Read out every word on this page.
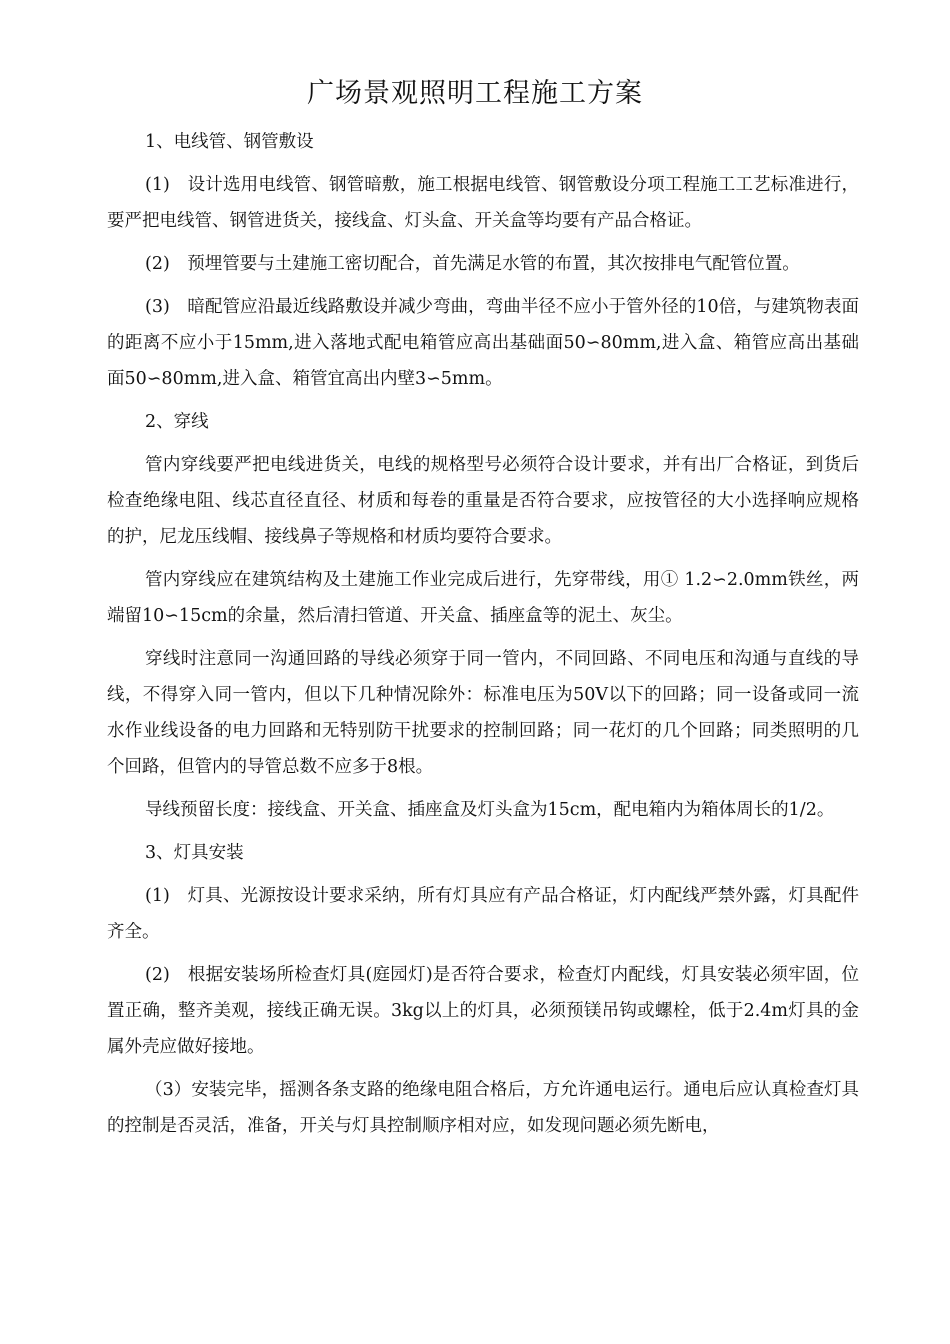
广场景观照明工程施工方案

1、电线管、钢管敷设

(1)　设计选用电线管、钢管暗敷，施工根据电线管、钢管敷设分项工程施工工艺标准进行，要严把电线管、钢管进货关，接线盒、灯头盒、开关盒等均要有产品合格证。

(2)　预埋管要与土建施工密切配合，首先满足水管的布置，其次按排电气配管位置。

(3)　暗配管应沿最近线路敷设并减少弯曲，弯曲半径不应小于管外径的10倍，与建筑物表面的距离不应小于15mm,进入落地式配电箱管应高出基础面50∽80mm,进入盒、箱管应高出基础面50∽80mm,进入盒、箱管宜高出内壁3∽5mm。

2、穿线

管内穿线要严把电线进货关，电线的规格型号必须符合设计要求，并有出厂合格证，到货后检查绝缘电阻、线芯直径直径、材质和每卷的重量是否符合要求，应按管径的大小选择响应规格的护，尼龙压线帽、接线鼻子等规格和材质均要符合要求。

管内穿线应在建筑结构及土建施工作业完成后进行，先穿带线，用① 1.2∽2.0mm铁丝，两端留10∽15cm的余量，然后清扫管道、开关盒、插座盒等的泥土、灰尘。

穿线时注意同一沟通回路的导线必须穿于同一管内，不同回路、不同电压和沟通与直线的导线，不得穿入同一管内，但以下几种情况除外：标准电压为50V以下的回路；同一设备或同一流水作业线设备的电力回路和无特别防干扰要求的控制回路；同一花灯的几个回路；同类照明的几个回路，但管内的导管总数不应多于8根。

导线预留长度：接线盒、开关盒、插座盒及灯头盒为15cm，配电箱内为箱体周长的1/2。

3、灯具安装

(1)　灯具、光源按设计要求采纳，所有灯具应有产品合格证，灯内配线严禁外露，灯具配件齐全。

(2)　根据安装场所检查灯具(庭园灯)是否符合要求，检查灯内配线，灯具安装必须牢固，位置正确，整齐美观，接线正确无误。3kg以上的灯具，必须预镁吊钩或螺栓，低于2.4m灯具的金属外壳应做好接地。

（3）安装完毕，摇测各条支路的绝缘电阻合格后，方允许通电运行。通电后应认真检查灯具的控制是否灵活，准备，开关与灯具控制顺序相对应，如发现问题必须先断电，
